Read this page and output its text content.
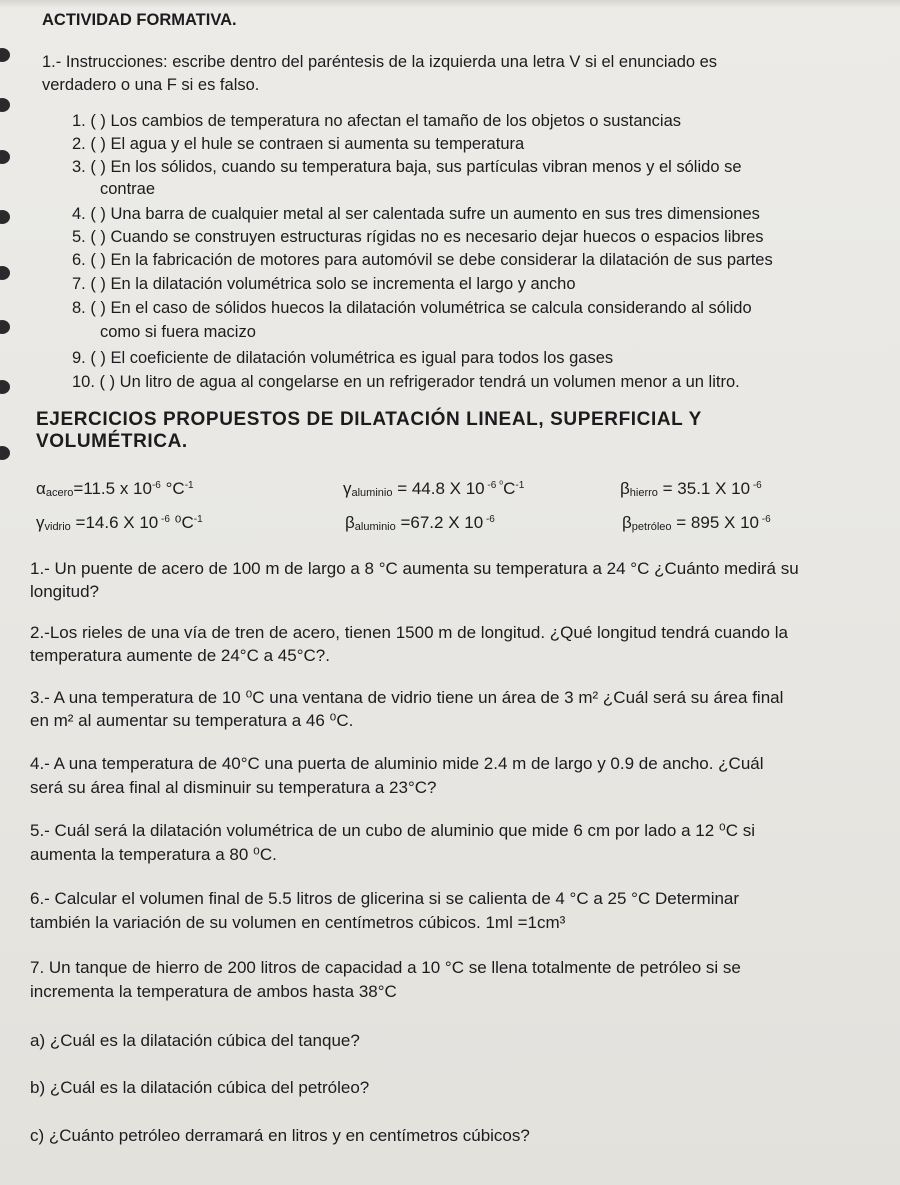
ACTIVIDAD FORMATIVA.
1.- Instrucciones: escribe dentro del paréntesis de la izquierda una letra V si el enunciado es
verdadero o una F si es falso.
1. ( ) Los cambios de temperatura no afectan el tamaño de los objetos o sustancias
2. ( ) El agua y el hule se contraen si aumenta su temperatura
3. ( ) En los sólidos, cuando su temperatura baja, sus partículas vibran menos y el sólido se
contrae
4. ( ) Una barra de cualquier metal al ser calentada sufre un aumento en sus tres dimensiones
5. ( ) Cuando se construyen estructuras rígidas no es necesario dejar huecos o espacios libres
6. ( ) En la fabricación de motores para automóvil se debe considerar la dilatación de sus partes
7. ( ) En la dilatación volumétrica solo se incrementa el largo y ancho
8. ( ) En el caso de sólidos huecos la dilatación volumétrica se calcula considerando al sólido
como si fuera macizo
9. ( ) El coeficiente de dilatación volumétrica es igual para todos los gases
10. ( ) Un litro de agua al congelarse en un refrigerador tendrá un volumen menor a un litro.
EJERCICIOS PROPUESTOS DE DILATACIÓN LINEAL, SUPERFICIAL Y
VOLUMÉTRICA.
$\alpha_{acero}=11.5$ x $10^{-6}$ $^\circ C^{-1}$	$\gamma_{aluminio} = 44.8$ X 10 $^{-6 ^0}C^{-1}$	$\beta_{hierro} = 35.1$ X 10 $^{-6}$
$\gamma_{vidrio} =14.6$ X 10 $^{-6}$ $^0C^{-1}$	$\beta_{aluminio} =67.2$ X 10 $^{-6}$	$\beta_{petróleo} = 895$ X 10 $^{-6}$
1.- Un puente de acero de 100 m de largo a 8 °C aumenta su temperatura a 24 °C ¿Cuánto medirá su
longitud?
2.-Los rieles de una vía de tren de acero, tienen 1500 m de longitud. ¿Qué longitud tendrá cuando la
temperatura aumente de 24°C a 45°C?.
3.- A una temperatura de 10 ⁰C una ventana de vidrio tiene un área de 3 m² ¿Cuál será su área final
en m² al aumentar su temperatura a 46 ⁰C.
4.- A una temperatura de 40°C una puerta de aluminio mide 2.4 m de largo y 0.9 de ancho. ¿Cuál
será su área final al disminuir su temperatura a 23°C?
5.- Cuál será la dilatación volumétrica de un cubo de aluminio que mide 6 cm por lado a 12 ⁰C si
aumenta la temperatura a 80 ⁰C.
6.- Calcular el volumen final de 5.5 litros de glicerina si se calienta de 4 °C a 25 °C Determinar
también la variación de su volumen en centímetros cúbicos. 1ml =1cm³
7. Un tanque de hierro de 200 litros de capacidad a 10 °C se llena totalmente de petróleo si se
incrementa la temperatura de ambos hasta 38°C
a) ¿Cuál es la dilatación cúbica del tanque?
b) ¿Cuál es la dilatación cúbica del petróleo?
c) ¿Cuánto petróleo derramará en litros y en centímetros cúbicos?
